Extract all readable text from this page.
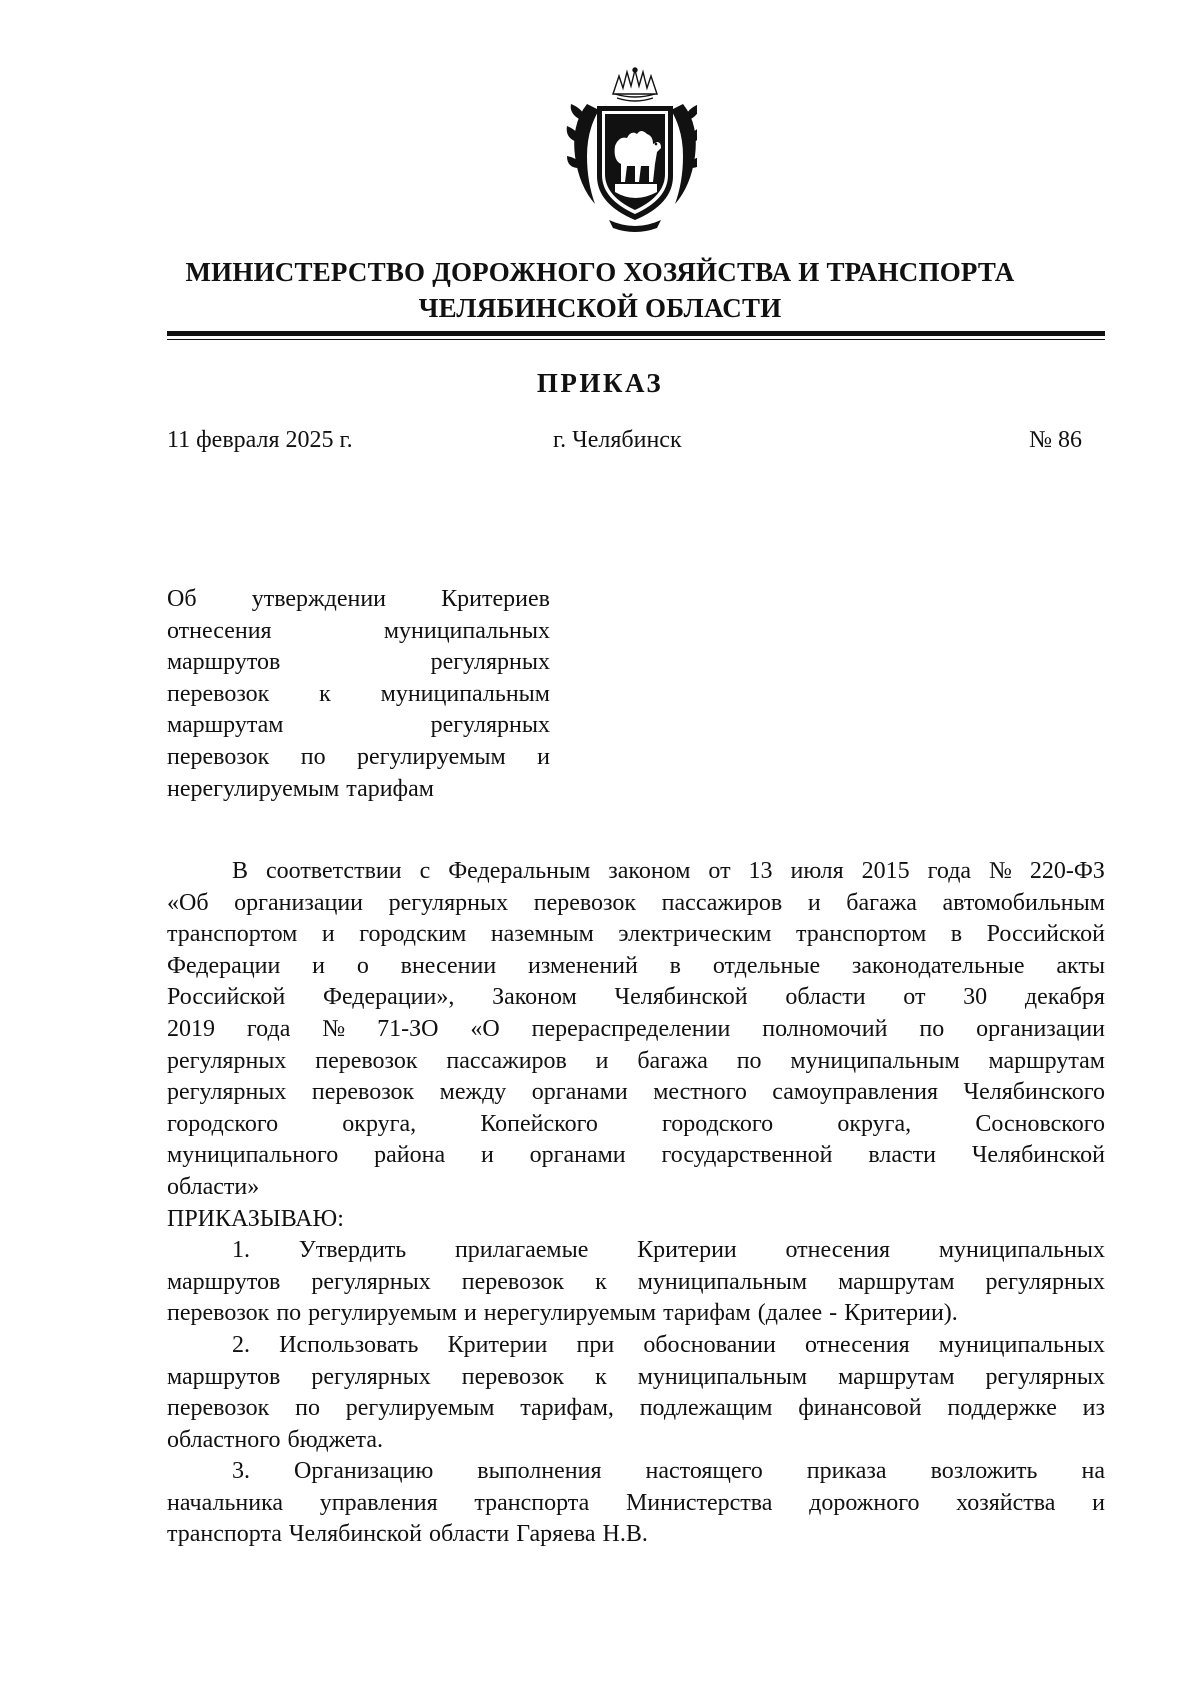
МИНИСТЕРСТВО ДОРОЖНОГО ХОЗЯЙСТВА И ТРАНСПОРТА
ЧЕЛЯБИНСКОЙ ОБЛАСТИ
ПРИКАЗ
11 февраля 2025 г.	г. Челябинск	№ 86
Об утверждении Критериев
отнесения	муниципальных
маршрутов	регулярных
перевозок к муниципальным
маршрутам	регулярных
перевозок по регулируемым и
нерегулируемым тарифам
В соответствии с Федеральным законом от 13 июля 2015 года № 220-ФЗ
«Об организации регулярных перевозок пассажиров и багажа автомобильным
транспортом и городским наземным электрическим транспортом в Российской
Федерации и о внесении изменений в отдельные законодательные акты
Российской Федерации», Законом Челябинской области от 30 декабря
2019 года № 71-ЗО «О перераспределении полномочий по организации
регулярных перевозок пассажиров и багажа по муниципальным маршрутам
регулярных перевозок между органами местного самоуправления Челябинского
городского	округа,	Копейского	городского	округа,	Сосновского
муниципального района и органами государственной власти Челябинской
области»
ПРИКАЗЫВАЮ:
1. Утвердить прилагаемые Критерии отнесения муниципальных
маршрутов регулярных перевозок к муниципальным маршрутам регулярных
перевозок по регулируемым и нерегулируемым тарифам (далее - Критерии).
2. Использовать Критерии при обосновании отнесения муниципальных
маршрутов регулярных перевозок к муниципальным маршрутам регулярных
перевозок по регулируемым тарифам, подлежащим финансовой поддержке из
областного бюджета.
3. Организацию выполнения настоящего приказа возложить на
начальника управления транспорта Министерства дорожного хозяйства и
транспорта Челябинской области Гаряева Н.В.
